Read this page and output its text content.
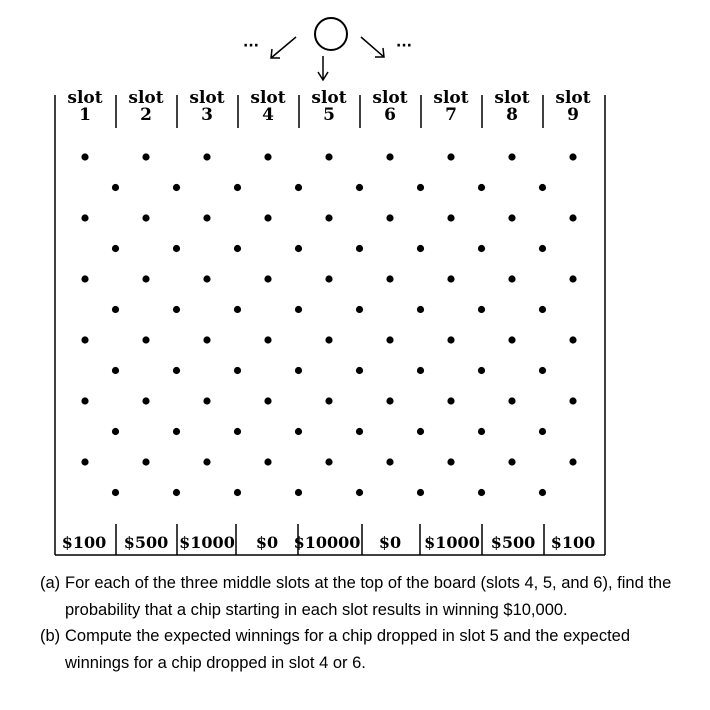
···	···
slot
1
slot
2
slot
3
slot
4
slot
5
slot
6
slot
7
slot
8
slot
9
$100 $500 $1000 $0 $10000 $0 $1000 $500 $100
(a) For each of the three middle slots at the top of the board (slots 4, 5, and 6), find the probability that a chip starting in each slot results in winning $10,000.
(b) Compute the expected winnings for a chip dropped in slot 5 and the expected winnings for a chip dropped in slot 4 or 6.
